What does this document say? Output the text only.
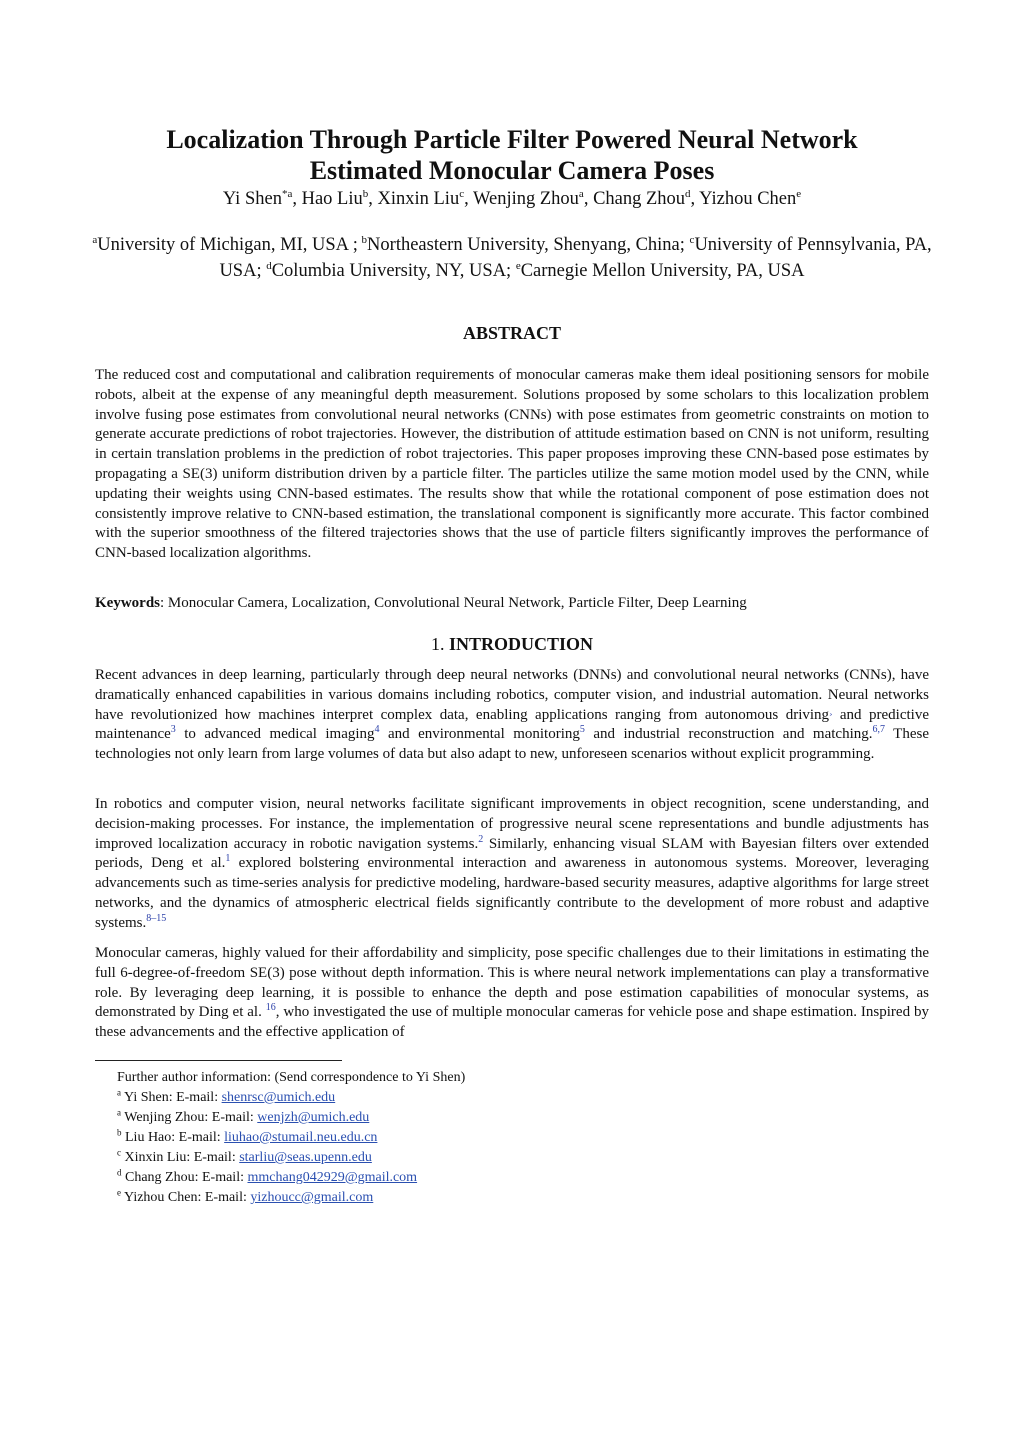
Localization Through Particle Filter Powered Neural Network
Estimated Monocular Camera Poses
Yi Shen$^{*a}$, Hao Liu$^b$, Xinxin Liu$^c$, Wenjing Zhou$^a$, Chang Zhou$^d$, Yizhou Chen$^e$
$^a$University of Michigan, MI, USA ; $^b$Northeastern University, Shenyang, China; $^c$University of Pennsylvania, PA, USA; $^d$Columbia University, NY, USA; $^e$Carnegie Mellon University, PA, USA
ABSTRACT
The reduced cost and computational and calibration requirements of monocular cameras make them ideal positioning sensors for mobile robots, albeit at the expense of any meaningful depth measurement. Solutions proposed by some scholars to this localization problem involve fusing pose estimates from convolutional neural networks (CNNs) with pose estimates from geometric constraints on motion to generate accurate predictions of robot trajectories. However, the distribution of attitude estimation based on CNN is not uniform, resulting in certain translation problems in the prediction of robot trajectories. This paper proposes improving these CNN-based pose estimates by propagating a SE(3) uniform distribution driven by a particle filter. The particles utilize the same motion model used by the CNN, while updating their weights using CNN-based estimates. The results show that while the rotational component of pose estimation does not consistently improve relative to CNN-based estimation, the translational component is significantly more accurate. This factor combined with the superior smoothness of the filtered trajectories shows that the use of particle filters significantly improves the performance of CNN-based localization algorithms.
Keywords: Monocular Camera, Localization, Convolutional Neural Network, Particle Filter, Deep Learning
1. INTRODUCTION
Recent advances in deep learning, particularly through deep neural networks (DNNs) and convolutional neural networks (CNNs), have dramatically enhanced capabilities in various domains including robotics, computer vision, and industrial automation. Neural networks have revolutionized how machines interpret complex data, enabling applications ranging from autonomous driving¸ and predictive maintenance$^3$ to advanced medical imaging$^4$ and environmental monitoring$^5$ and industrial reconstruction and matching.$^{6,7}$ These technologies not only learn from large volumes of data but also adapt to new, unforeseen scenarios without explicit programming.
In robotics and computer vision, neural networks facilitate significant improvements in object recognition, scene understanding, and decision-making processes. For instance, the implementation of progressive neural scene representations and bundle adjustments has improved localization accuracy in robotic navigation systems.$^2$ Similarly, enhancing visual SLAM with Bayesian filters over extended periods, Deng et al.$^1$ explored bolstering environmental interaction and awareness in autonomous systems. Moreover, leveraging advancements such as time-series analysis for predictive modeling, hardware-based security measures, adaptive algorithms for large street networks, and the dynamics of atmospheric electrical fields significantly contribute to the development of more robust and adaptive systems.$^{8-15}$
Monocular cameras, highly valued for their affordability and simplicity, pose specific challenges due to their limitations in estimating the full 6-degree-of-freedom SE(3) pose without depth information. This is where neural network implementations can play a transformative role. By leveraging deep learning, it is possible to enhance the depth and pose estimation capabilities of monocular systems, as demonstrated by Ding et al. $^{16}$, who investigated the use of multiple monocular cameras for vehicle pose and shape estimation. Inspired by these advancements and the effective application of
Further author information: (Send correspondence to Yi Shen)
$^a$ Yi Shen: E-mail: shenrsc@umich.edu
$^a$ Wenjing Zhou: E-mail: wenjzh@umich.edu
$^b$ Liu Hao: E-mail: liuhao@stumail.neu.edu.cn
$^c$ Xinxin Liu: E-mail: starliu@seas.upenn.edu
$^d$ Chang Zhou: E-mail: mmchang042929@gmail.com
$^e$ Yizhou Chen: E-mail: yizhoucc@gmail.com
